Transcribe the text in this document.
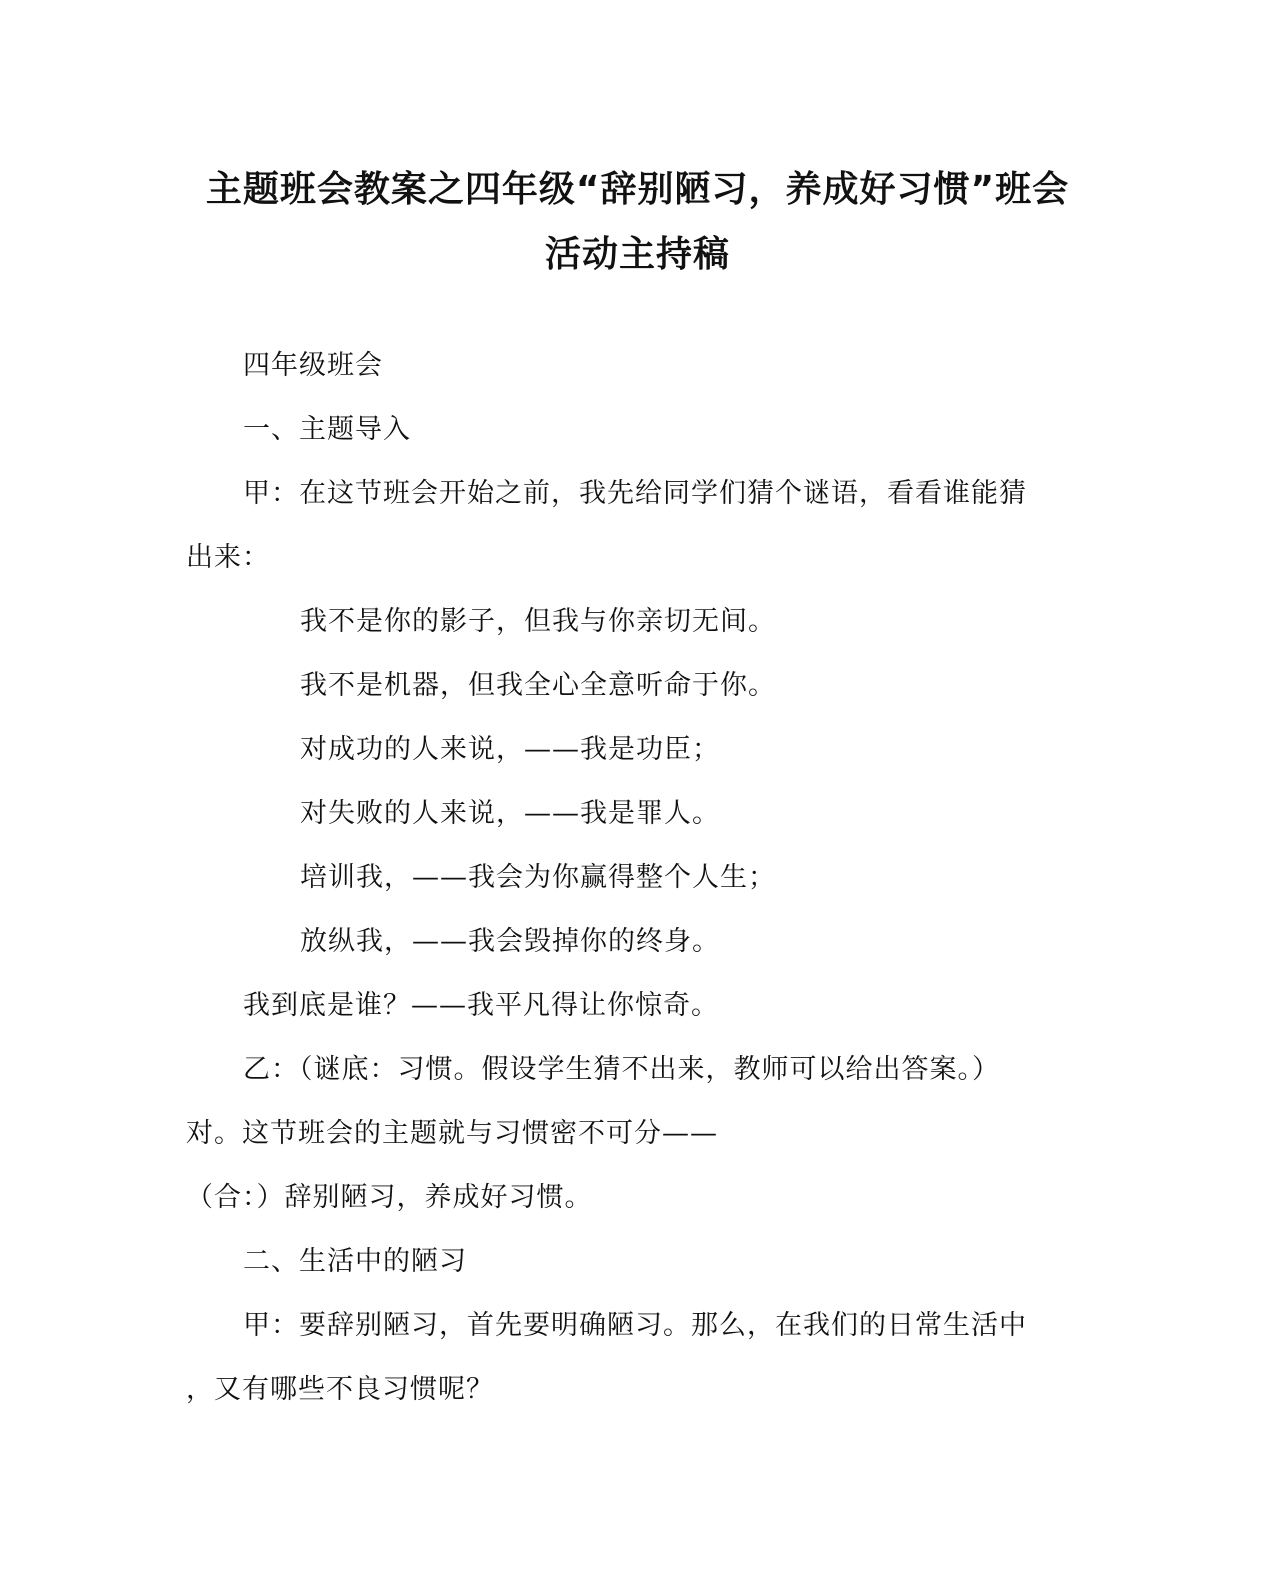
主题班会教案之四年级“辞别陋习，养成好习惯”班会
活动主持稿
四年级班会
一、主题导入
甲：在这节班会开始之前，我先给同学们猜个谜语，看看谁能猜
出来：
我不是你的影子，但我与你亲切无间。
我不是机器，但我全心全意听命于你。
对成功的人来说，——我是功臣；
对失败的人来说，——我是罪人。
培训我，——我会为你赢得整个人生；
放纵我，——我会毁掉你的终身。
我到底是谁？——我平凡得让你惊奇。
乙：（谜底：习惯。假设学生猜不出来，教师可以给出答案。）
对。这节班会的主题就与习惯密不可分——
（合：）辞别陋习，养成好习惯。
二、生活中的陋习
甲：要辞别陋习，首先要明确陋习。那么，在我们的日常生活中
，又有哪些不良习惯呢？
